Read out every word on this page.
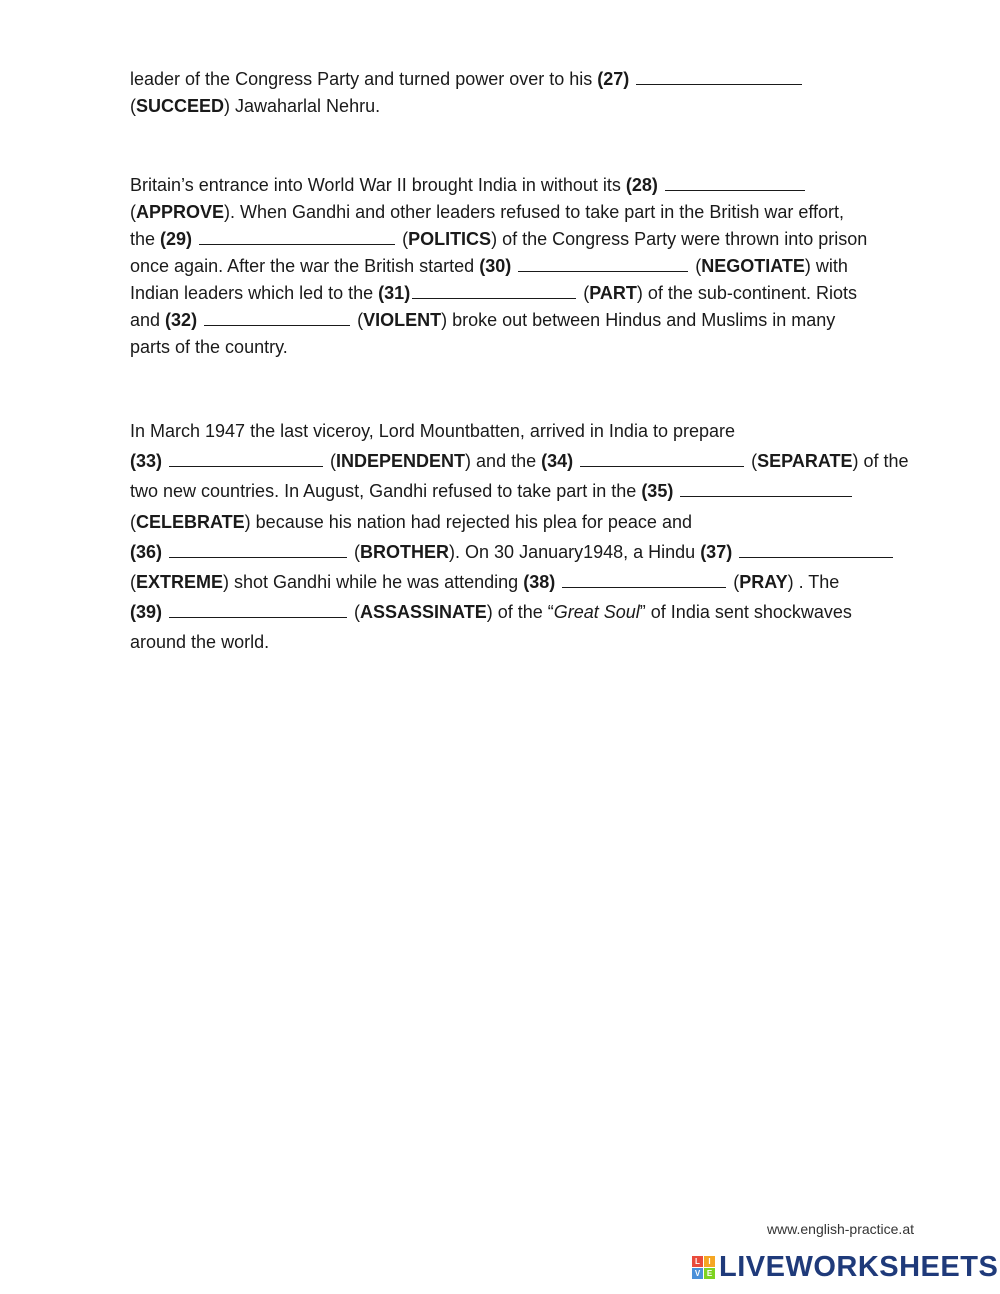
leader of the Congress Party and turned power over to his (27)
(SUCCEED) Jawaharlal Nehru.
Britain’s entrance into World War II brought India in without its (28)
(APPROVE). When Gandhi and other leaders refused to take part in the British war effort,
the (29)	(POLITICS) of the Congress Party were thrown into prison
once again. After the war the British started (30)	(NEGOTIATE) with
Indian leaders which led to the (31)	(PART) of the sub-continent. Riots
and (32)	(VIOLENT) broke out between Hindus and Muslims in many
parts of the country.
In March 1947 the last viceroy, Lord Mountbatten, arrived in India to prepare
(33)	(INDEPENDENT) and the (34)	(SEPARATE) of the
two new countries. In August, Gandhi refused to take part in the (35)
(CELEBRATE) because his nation had rejected his plea for peace and
(36)	(BROTHER). On 30 January1948, a Hindu (37)
(EXTREME) shot Gandhi while he was attending (38)	(PRAY) . The
(39)	(ASSASSINATE) of the “Great Soul” of India sent shockwaves
around the world.
www.english-practice.at
L	I
V E LIVEWORKSHEETS
